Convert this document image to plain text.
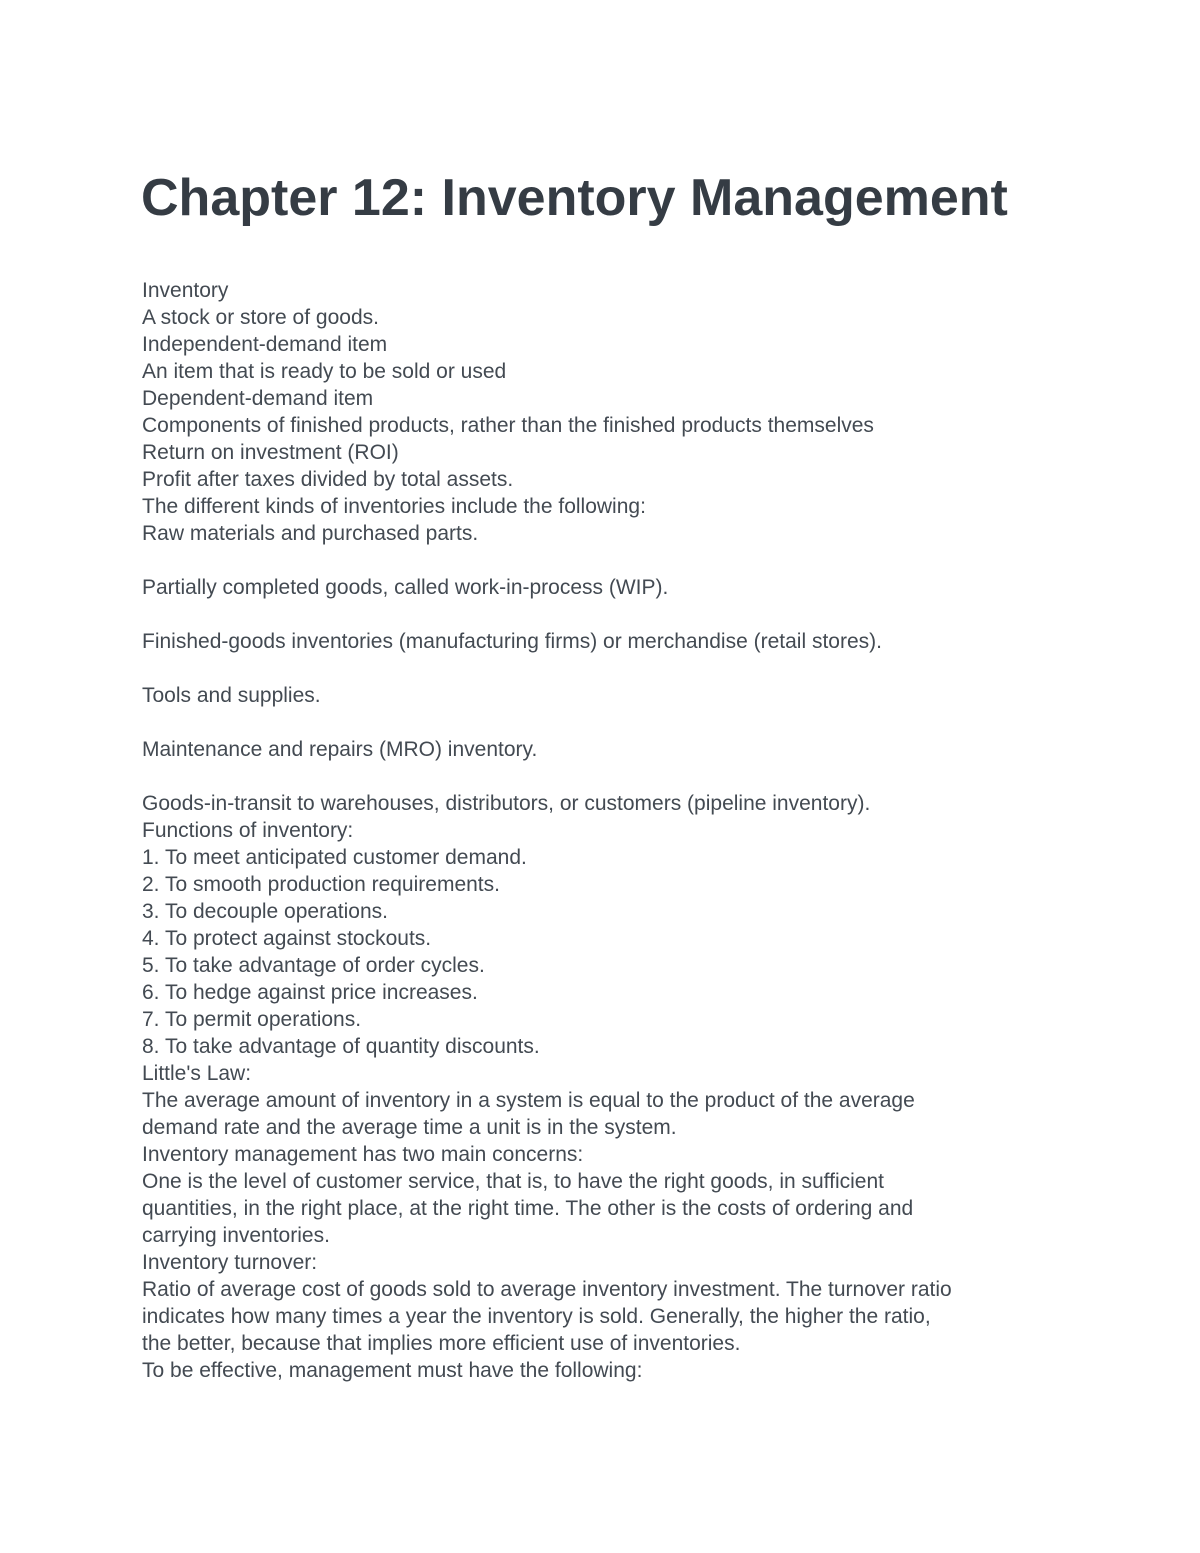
Chapter 12: Inventory Management
Inventory
A stock or store of goods.
Independent-demand item
An item that is ready to be sold or used
Dependent-demand item
Components of finished products, rather than the finished products themselves
Return on investment (ROI)
Profit after taxes divided by total assets.
The different kinds of inventories include the following:
Raw materials and purchased parts.
Partially completed goods, called work-in-process (WIP).
Finished-goods inventories (manufacturing firms) or merchandise (retail stores).
Tools and supplies.
Maintenance and repairs (MRO) inventory.
Goods-in-transit to warehouses, distributors, or customers (pipeline inventory).
Functions of inventory:
1. To meet anticipated customer demand.
2. To smooth production requirements.
3. To decouple operations.
4. To protect against stockouts.
5. To take advantage of order cycles.
6. To hedge against price increases.
7. To permit operations.
8. To take advantage of quantity discounts.
Little's Law:
The average amount of inventory in a system is equal to the product of the average
demand rate and the average time a unit is in the system.
Inventory management has two main concerns:
One is the level of customer service, that is, to have the right goods, in sufficient
quantities, in the right place, at the right time. The other is the costs of ordering and
carrying inventories.
Inventory turnover:
Ratio of average cost of goods sold to average inventory investment. The turnover ratio
indicates how many times a year the inventory is sold. Generally, the higher the ratio,
the better, because that implies more efficient use of inventories.
To be effective, management must have the following:
